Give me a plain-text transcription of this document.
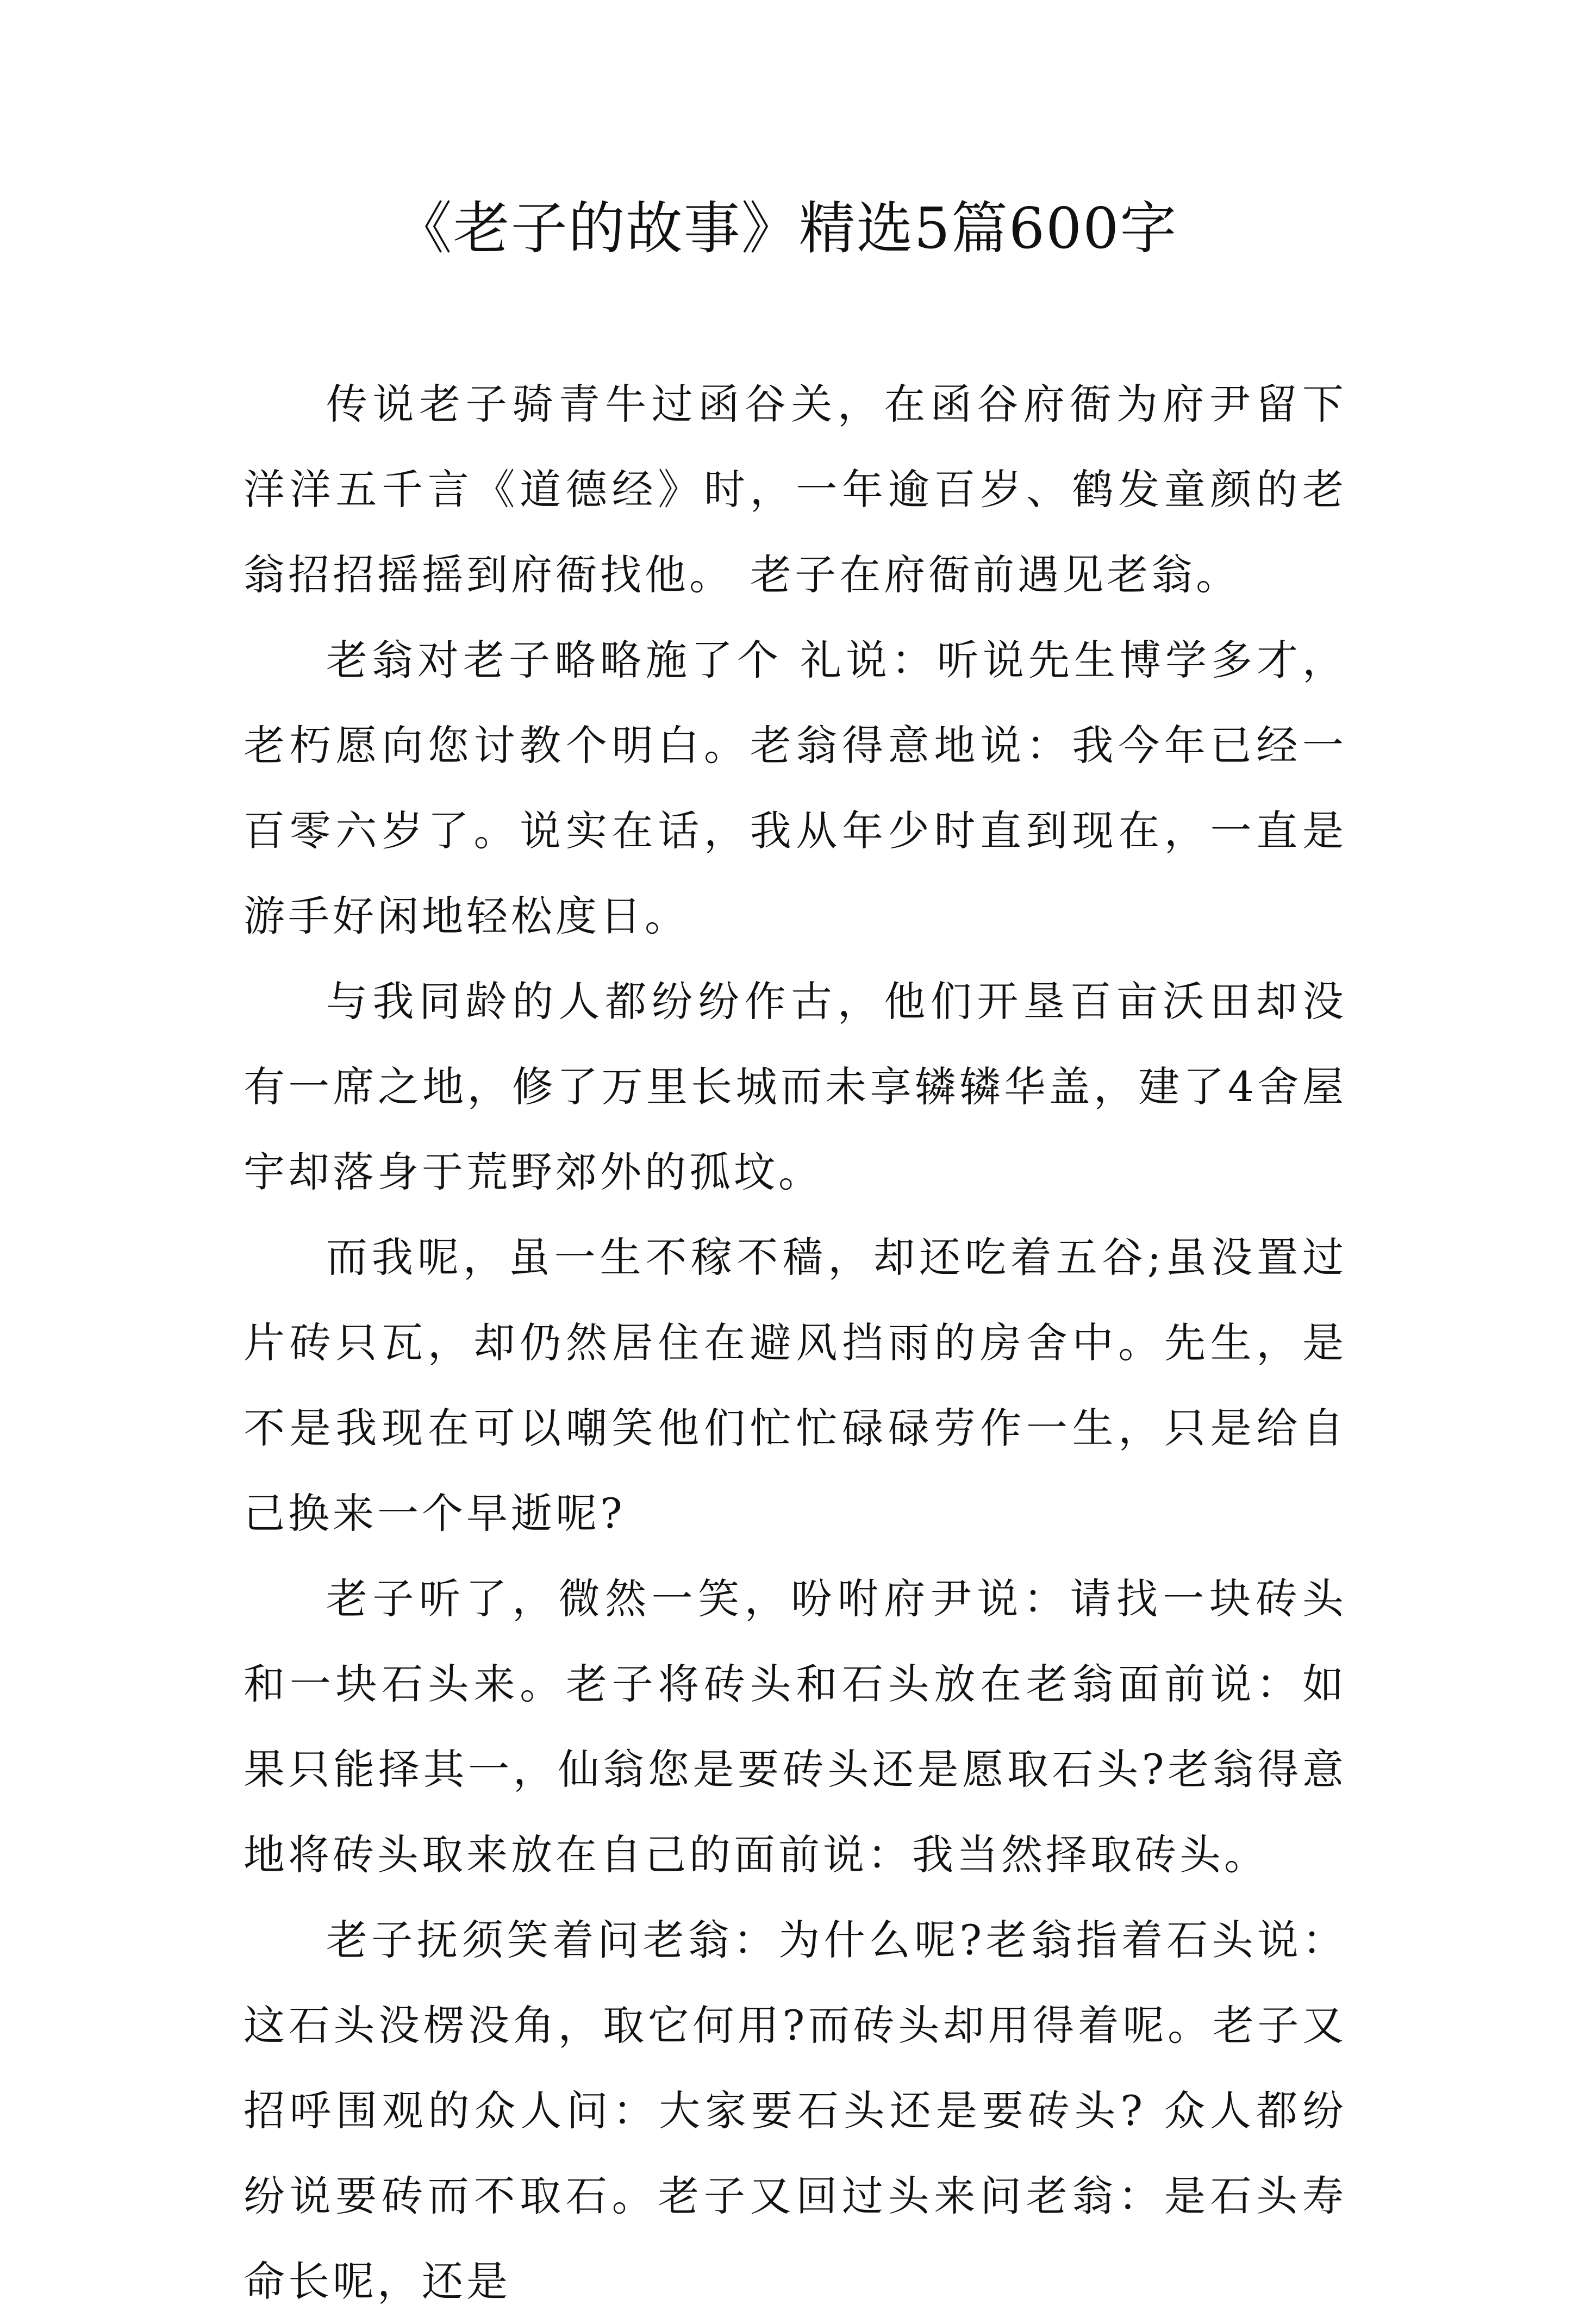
《老子的故事》精选5篇600字

传说老子骑青牛过函谷关，在函谷府衙为府尹留下洋洋五千言《道德经》时，一年逾百岁、鹤发童颜的老翁招招摇摇到府衙找他。 老子在府衙前遇见老翁。

老翁对老子略略施了个 礼说：听说先生博学多才，老朽愿向您讨教个明白。老翁得意地说：我今年已经一百零六岁了。说实在话，我从年少时直到现在，一直是游手好闲地轻松度日。

与我同龄的人都纷纷作古，他们开垦百亩沃田却没有一席之地，修了万里长城而未享辚辚华盖，建了4舍屋宇却落身于荒野郊外的孤坟。

而我呢，虽一生不稼不穑，却还吃着五谷;虽没置过片砖只瓦，却仍然居住在避风挡雨的房舍中。先生，是不是我现在可以嘲笑他们忙忙碌碌劳作一生，只是给自己换来一个早逝呢?

老子听了，微然一笑，吩咐府尹说：请找一块砖头和一块石头来。老子将砖头和石头放在老翁面前说：如果只能择其一，仙翁您是要砖头还是愿取石头?老翁得意地将砖头取来放在自己的面前说：我当然择取砖头。

老子抚须笑着问老翁：为什么呢?老翁指着石头说：这石头没楞没角，取它何用?而砖头却用得着呢。老子又招呼围观的众人问：大家要石头还是要砖头? 众人都纷纷说要砖而不取石。老子又回过头来问老翁：是石头寿命长呢，还是
